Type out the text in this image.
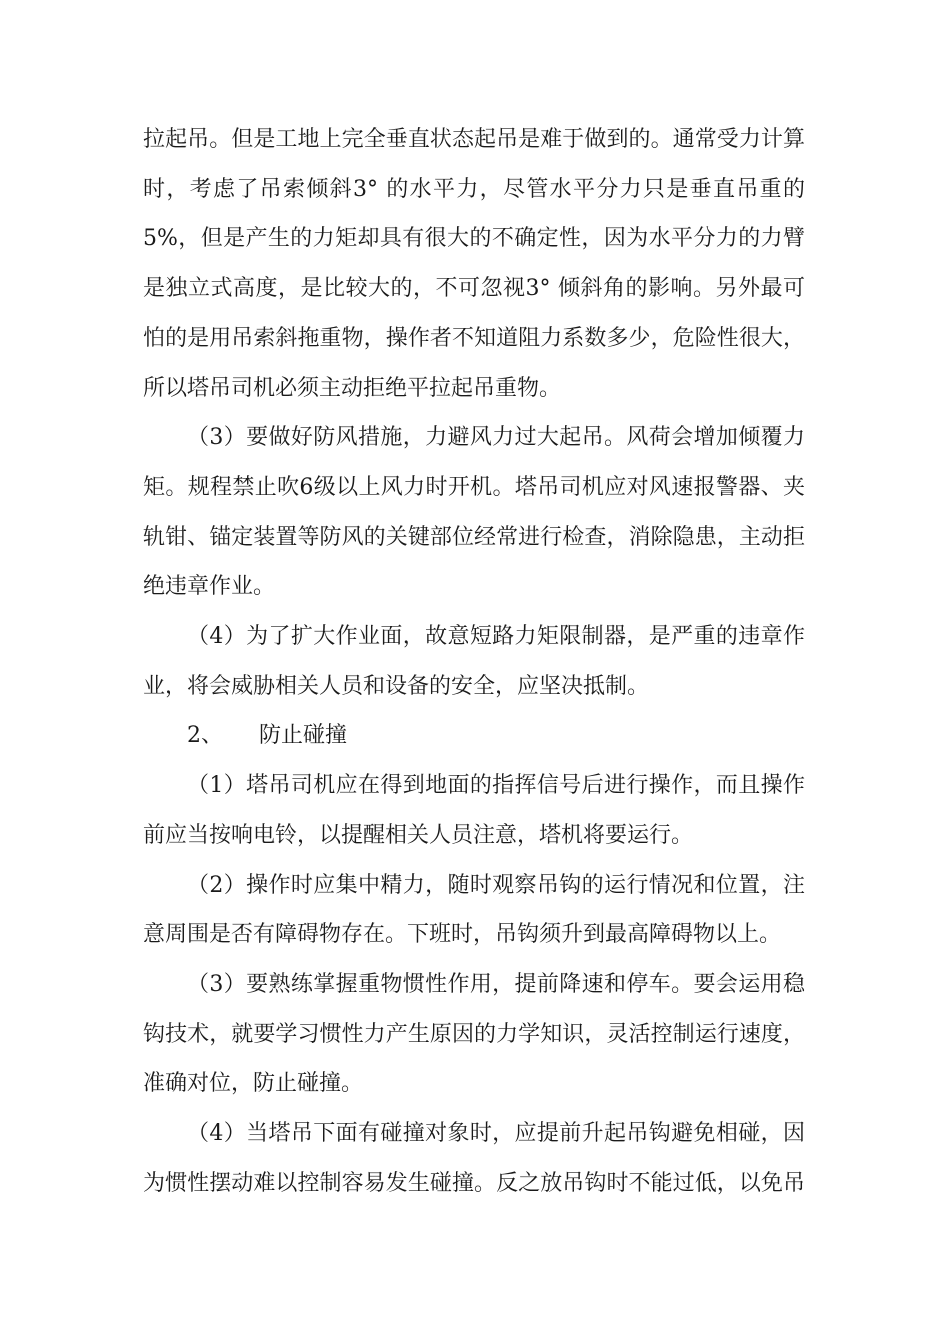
拉起吊。但是工地上完全垂直状态起吊是难于做到的。通常受力计算时，考虑了吊索倾斜3° 的水平力，尽管水平分力只是垂直吊重的5%，但是产生的力矩却具有很大的不确定性，因为水平分力的力臂是独立式高度，是比较大的，不可忽视3° 倾斜角的影响。另外最可怕的是用吊索斜拖重物，操作者不知道阻力系数多少，危险性很大，所以塔吊司机必须主动拒绝平拉起吊重物。

（3）要做好防风措施，力避风力过大起吊。风荷会增加倾覆力矩。规程禁止吹6级以上风力时开机。塔吊司机应对风速报警器、夹轨钳、锚定装置等防风的关键部位经常进行检查，消除隐患，主动拒绝违章作业。

（4）为了扩大作业面，故意短路力矩限制器，是严重的违章作业，将会威胁相关人员和设备的安全，应坚决抵制。

2、 防止碰撞

（1）塔吊司机应在得到地面的指挥信号后进行操作，而且操作前应当按响电铃，以提醒相关人员注意，塔机将要运行。

（2）操作时应集中精力，随时观察吊钩的运行情况和位置，注意周围是否有障碍物存在。下班时，吊钩须升到最高障碍物以上。

（3）要熟练掌握重物惯性作用，提前降速和停车。要会运用稳钩技术，就要学习惯性力产生原因的力学知识，灵活控制运行速度，准确对位，防止碰撞。

（4）当塔吊下面有碰撞对象时，应提前升起吊钩避免相碰，因为惯性摆动难以控制容易发生碰撞。反之放吊钩时不能过低，以免吊
